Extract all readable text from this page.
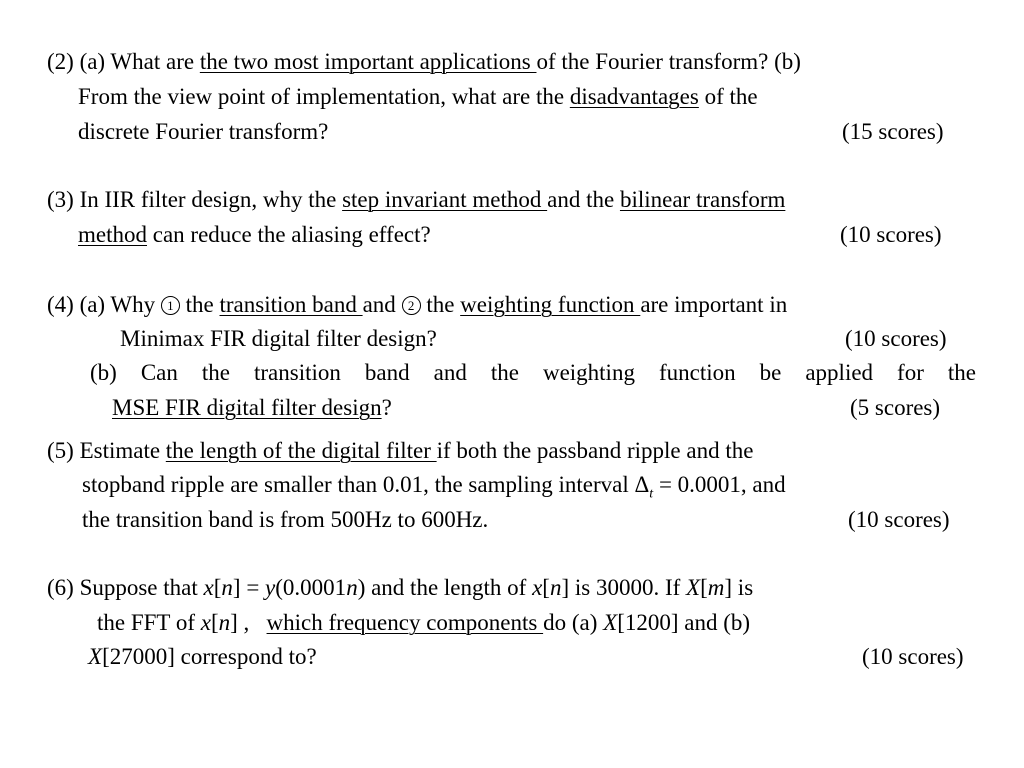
(2) (a) What are the two most important applications of the Fourier transform? (b)
From the view point of implementation, what are the disadvantages of the
discrete Fourier transform?	(15 scores)
(3) In IIR filter design, why the step invariant method and the bilinear transform
method can reduce the aliasing effect?	(10 scores)
(4) (a) Why 1 the transition band and 2 the weighting function are important in
Minimax FIR digital filter design?	(10 scores)
(b) Can the transition band and the weighting function be applied for the
MSE FIR digital filter design?	(5 scores)
(5) Estimate the length of the digital filter if both the passband ripple and the
stopband ripple are smaller than 0.01, the sampling interval $\Delta_t = 0.0001$, and
the transition band is from 500Hz to 600Hz.	(10 scores)
(6) Suppose that x[n] = y(0.0001n) and the length of x[n] is 30000. If X[m] is
the FFT of x[n] , which frequency components do (a) X[1200] and (b)
X[27000] correspond to?	(10 scores)
